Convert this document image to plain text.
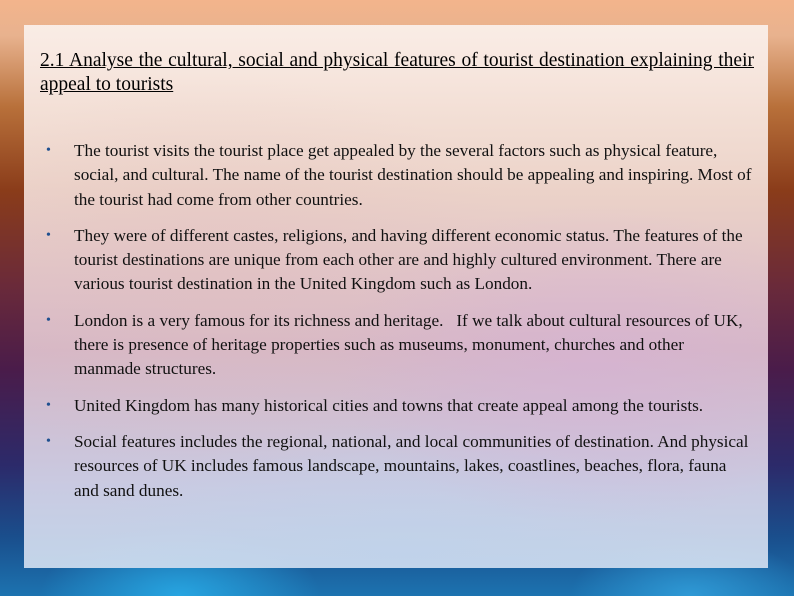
2.1 Analyse the cultural, social and physical features of tourist destination explaining their appeal to tourists
• The tourist visits the tourist place get appealed by the several factors such as physical feature, social, and cultural. The name of the tourist destination should be appealing and inspiring. Most of the tourist had come from other countries.
• They were of different castes, religions, and having different economic status. The features of the tourist destinations are unique from each other are and highly cultured environment. There are various tourist destination in the United Kingdom such as London.
• London is a very famous for its richness and heritage.   If we talk about cultural resources of UK, there is presence of heritage properties such as museums, monument, churches and other manmade structures.
• United Kingdom has many historical cities and towns that create appeal among the tourists.
• Social features includes the regional, national, and local communities of destination. And physical resources of UK includes famous landscape, mountains, lakes, coastlines, beaches, flora, fauna and sand dunes.
